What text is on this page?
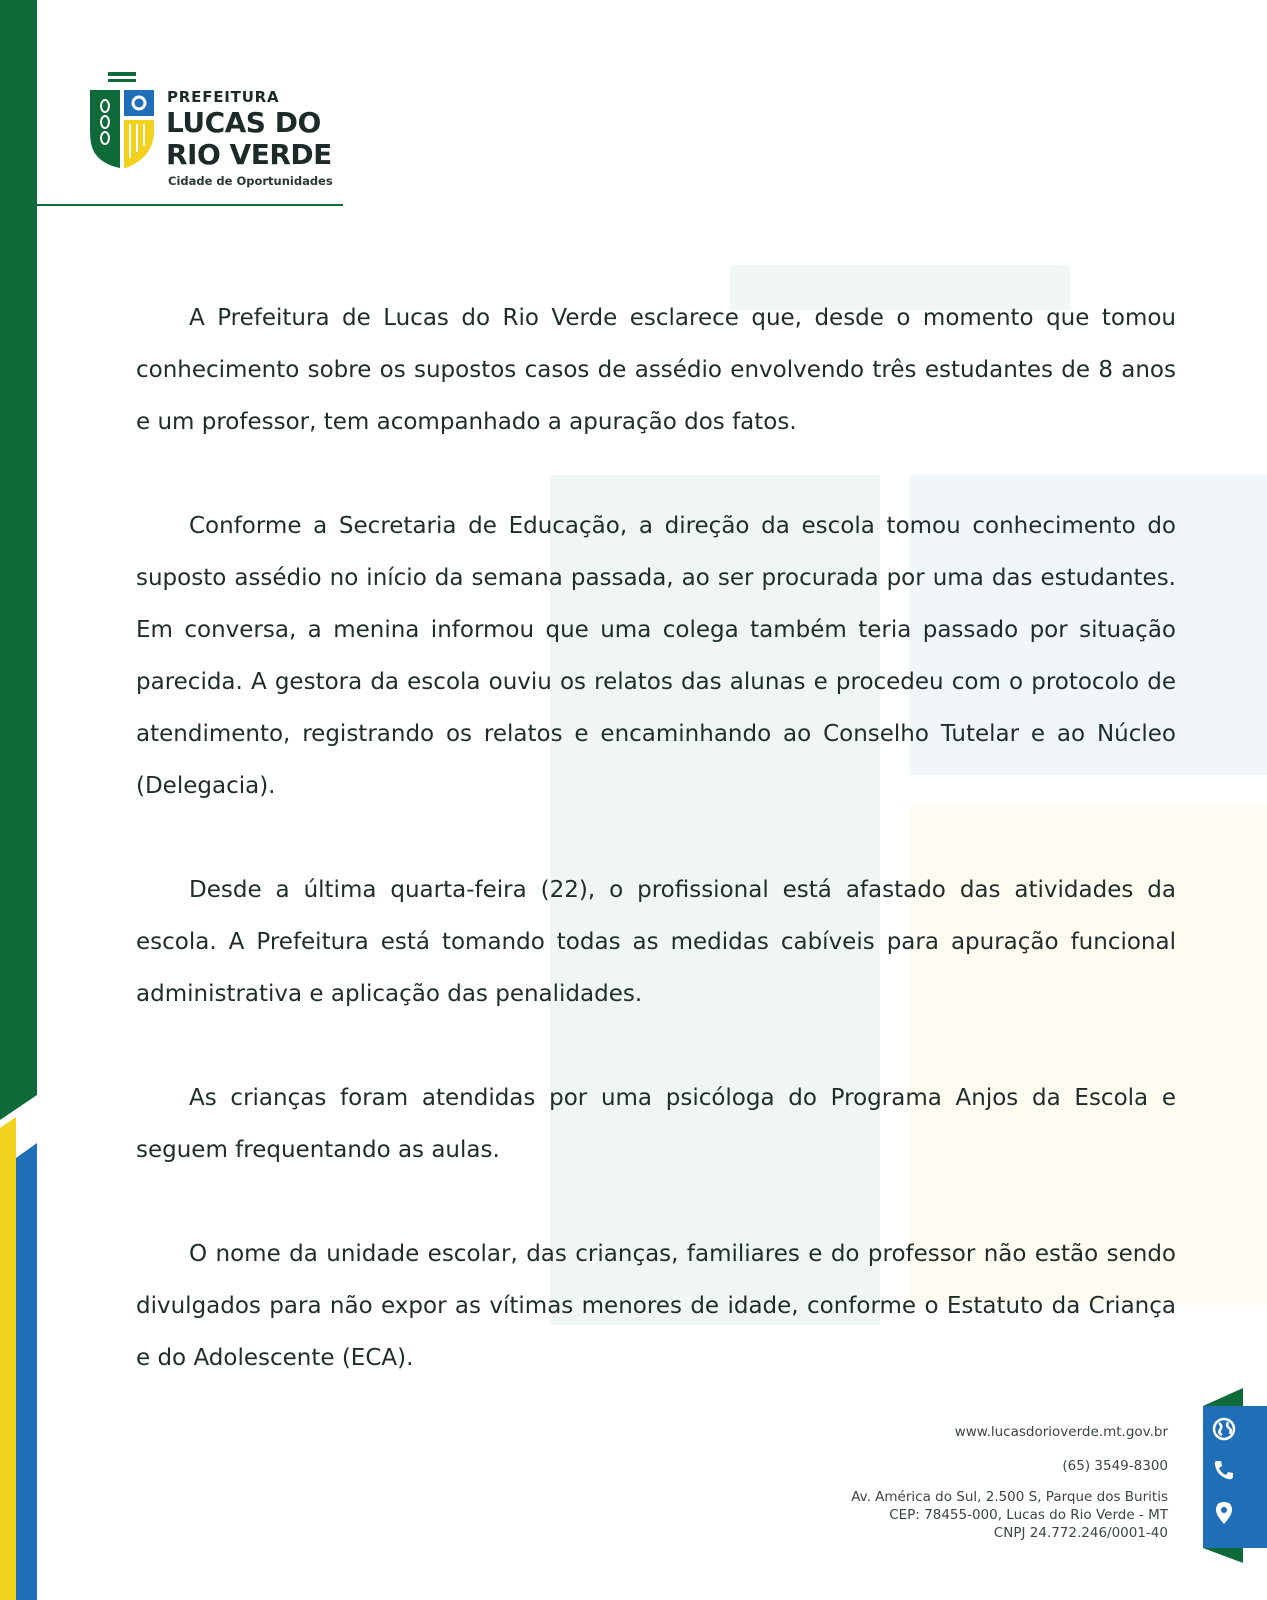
PREFEITURA
LUCAS DO
RIO VERDE
Cidade de Oportunidades

A Prefeitura de Lucas do Rio Verde esclarece que, desde o momento que tomou conhecimento sobre os supostos casos de assédio envolvendo três estudantes de 8 anos e um professor, tem acompanhado a apuração dos fatos.

Conforme a Secretaria de Educação, a direção da escola tomou conhecimento do suposto assédio no início da semana passada, ao ser procurada por uma das estudantes. Em conversa, a menina informou que uma colega também teria passado por situação parecida. A gestora da escola ouviu os relatos das alunas e procedeu com o protocolo de atendimento, registrando os relatos e encaminhando ao Conselho Tutelar e ao Núcleo (Delegacia).

Desde a última quarta-feira (22), o profissional está afastado das atividades da escola. A Prefeitura está tomando todas as medidas cabíveis para apuração funcional administrativa e aplicação das penalidades.

As crianças foram atendidas por uma psicóloga do Programa Anjos da Escola e seguem frequentando as aulas.

O nome da unidade escolar, das crianças, familiares e do professor não estão sendo divulgados para não expor as vítimas menores de idade, conforme o Estatuto da Criança e do Adolescente (ECA).

www.lucasdorioverde.mt.gov.br
(65) 3549-8300
Av. América do Sul, 2.500 S, Parque dos Buritis
CEP: 78455-000, Lucas do Rio Verde - MT
CNPJ 24.772.246/0001-40
